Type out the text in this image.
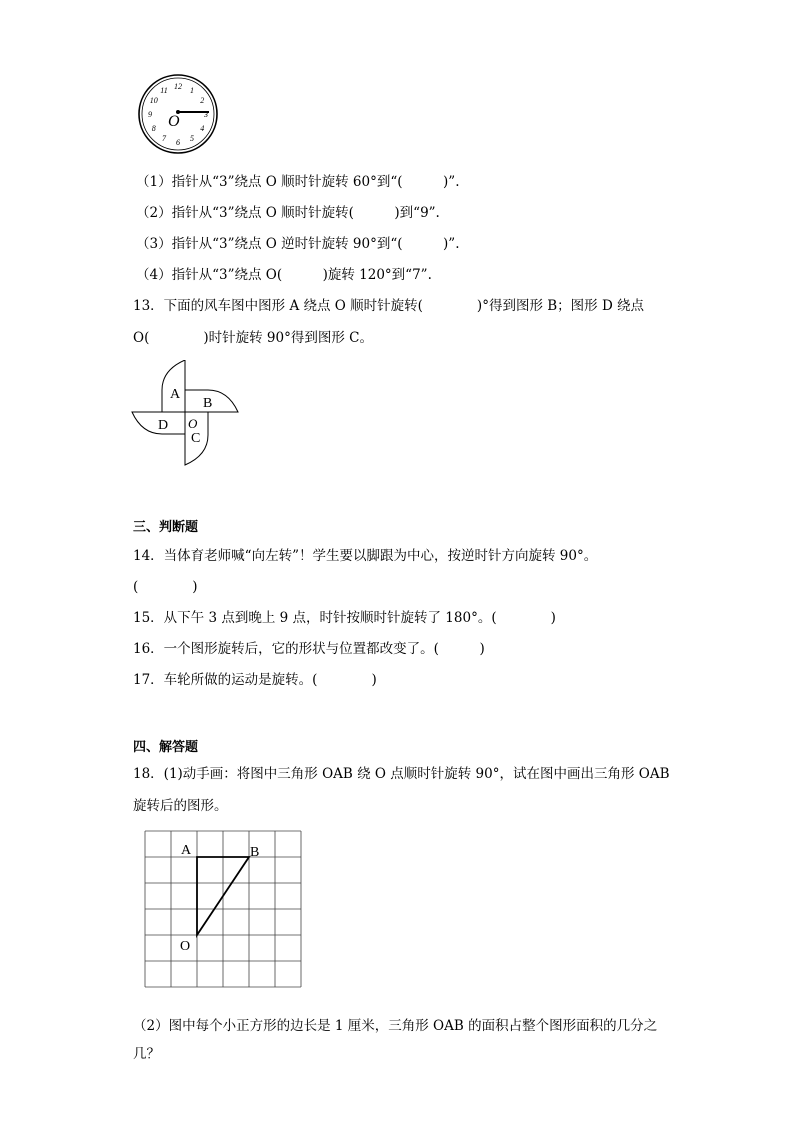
12 1
2
3
4
5
6
7
8
9
10
11
O
（1）指针从“3”绕点 O 顺时针旋转 60°到“(　　　)”.
（2）指针从“3”绕点 O 顺时针旋转(　　　)到“9”.
（3）指针从“3”绕点 O 逆时针旋转 90°到“(　　　)”.
（4）指针从“3”绕点 O(　　　)旋转 120°到“7”.
13．下面的风车图中图形 A 绕点 O 顺时针旋转(　　　　)°得到图形 B；图形 D 绕点
O(　　　　)时针旋转 90°得到图形 C。
A
B
D O
C
三、判断题
14．当体育老师喊“向左转”！学生要以脚跟为中心，按逆时针方向旋转 90°。
(　　　　)
15．从下午 3 点到晚上 9 点，时针按顺时针旋转了 180°。(　　　　)
16．一个图形旋转后，它的形状与位置都改变了。(　　　)
17．车轮所做的运动是旋转。(　　　　)
四、解答题
18．(1)动手画：将图中三角形 OAB 绕 O 点顺时针旋转 90°，试在图中画出三角形 OAB
旋转后的图形。
A	B
O
（2）图中每个小正方形的边长是 1 厘米，三角形 OAB 的面积占整个图形面积的几分之
几？
